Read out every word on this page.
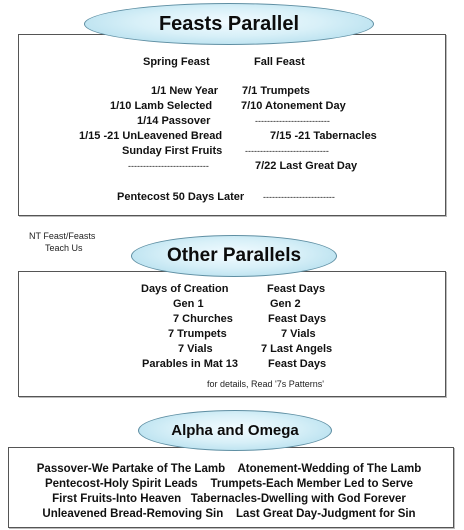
Feasts Parallel
Spring Feast	Fall Feast
1/1 New Year 7/1 Trumpets
1/10 Lamb Selected	7/10 Atonement Day
1/14 Passover	-------------------------
1/15 -21 UnLeavened Bread	7/15 -21 Tabernacles
Sunday First Fruits	----------------------------
---------------------------	7/22 Last Great Day
Pentecost 50 Days Later ------------------------
NT Feast/Feasts
Teach Us	Other Parallels
Days of Creation	Feast Days
Gen 1	Gen 2
7 Churches	Feast Days
7 Trumpets	7 Vials
7 Vials	7 Last Angels
Parables in Mat 13	Feast Days
for details, Read '7s Patterns'
Alpha and Omega
Passover-We Partake of The Lamb    Atonement-Wedding of The Lamb
Pentecost-Holy Spirit Leads    Trumpets-Each Member Led to Serve
First Fruits-Into Heaven   Tabernacles-Dwelling with God Forever
Unleavened Bread-Removing Sin    Last Great Day-Judgment for Sin
